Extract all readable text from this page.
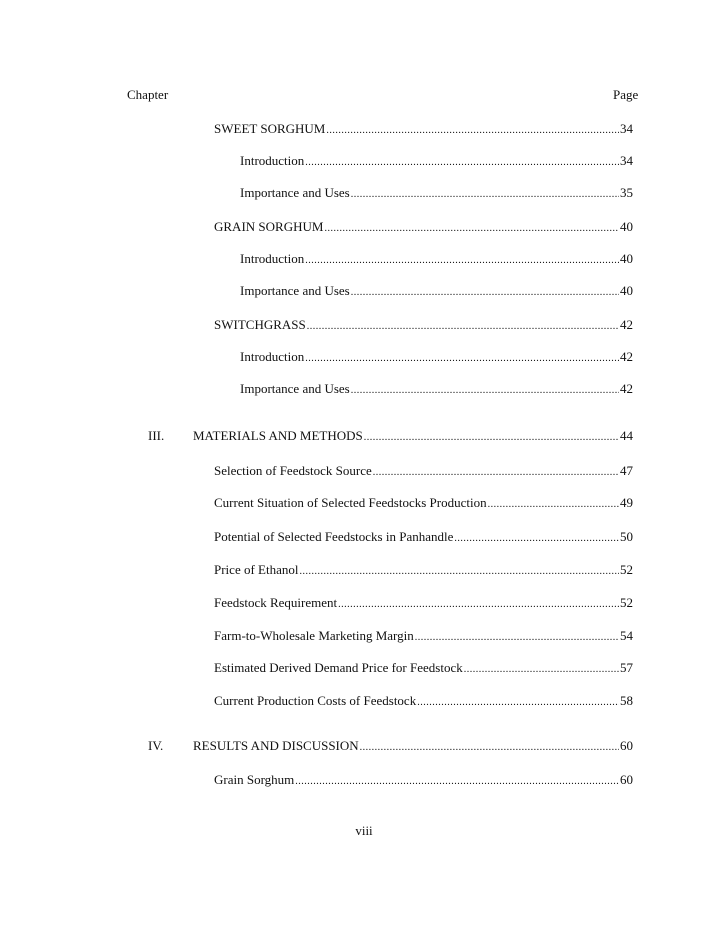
Chapter	Page
SWEET SORGHUM .....	34
Introduction .....	34
Importance and Uses .....	35
GRAIN SORGHUM .....	40
Introduction .....	40
Importance and Uses .....	40
SWITCHGRASS .....	42
Introduction .....	42
Importance and Uses .....	42
III. MATERIALS AND METHODS .....	44
Selection of Feedstock Source .....	47
Current Situation of Selected Feedstocks Production .....	49
Potential of Selected Feedstocks in Panhandle .....	50
Price of Ethanol .....	52
Feedstock Requirement .....	52
Farm-to-Wholesale Marketing Margin .....	54
Estimated Derived Demand Price for Feedstock .....	57
Current Production Costs of Feedstock .....	58
IV. RESULTS AND DISCUSSION .....	60
Grain Sorghum .....	60
viii
